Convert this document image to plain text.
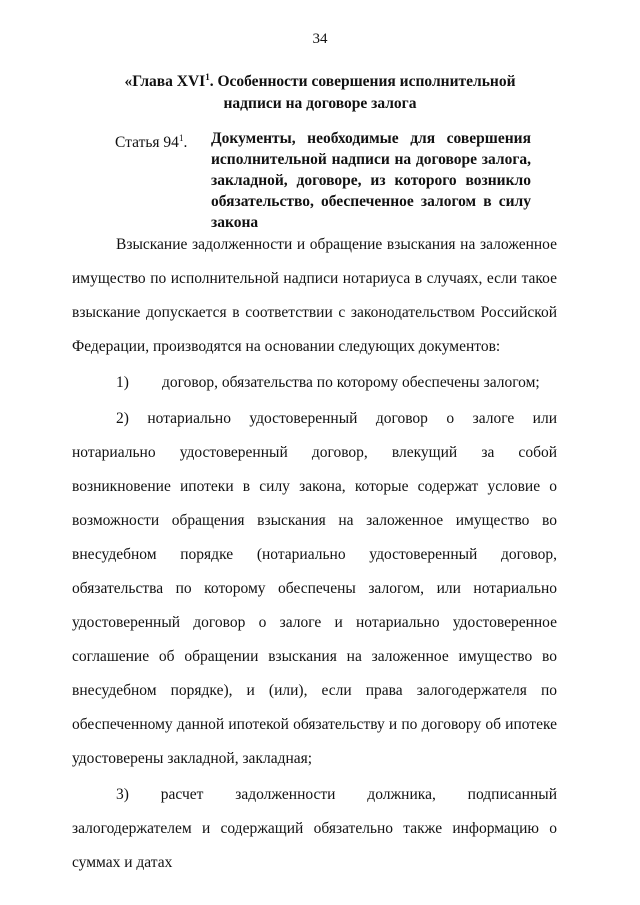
34
«Глава XVI$^1$. Особенности совершения исполнительной
надписи на договоре залога
Статья $94^1$. Документы, необходимые для совершения исполнительной надписи на договоре залога, закладной, договоре, из которого возникло обязательство, обеспеченное залогом в силу закона

Взыскание задолженности и обращение взыскания на заложенное имущество по исполнительной надписи нотариуса в случаях, если такое взыскание допускается в соответствии с законодательством Российской Федерации, производятся на основании следующих документов:

1) договор, обязательства по которому обеспечены залогом;

2) нотариально удостоверенный договор о залоге или нотариально удостоверенный договор, влекущий за собой возникновение ипотеки в силу закона, которые содержат условие о возможности обращения взыскания на заложенное имущество во внесудебном порядке (нотариально удостоверенный договор, обязательства по которому обеспечены залогом, или нотариально удостоверенный договор о залоге и нотариально удостоверенное соглашение об обращении взыскания на заложенное имущество во внесудебном порядке), и (или), если права залогодержателя по обеспеченному данной ипотекой обязательству и по договору об ипотеке удостоверены закладной, закладная;

3) расчет задолженности должника, подписанный залогодержателем и содержащий обязательно также информацию о суммах и датах
